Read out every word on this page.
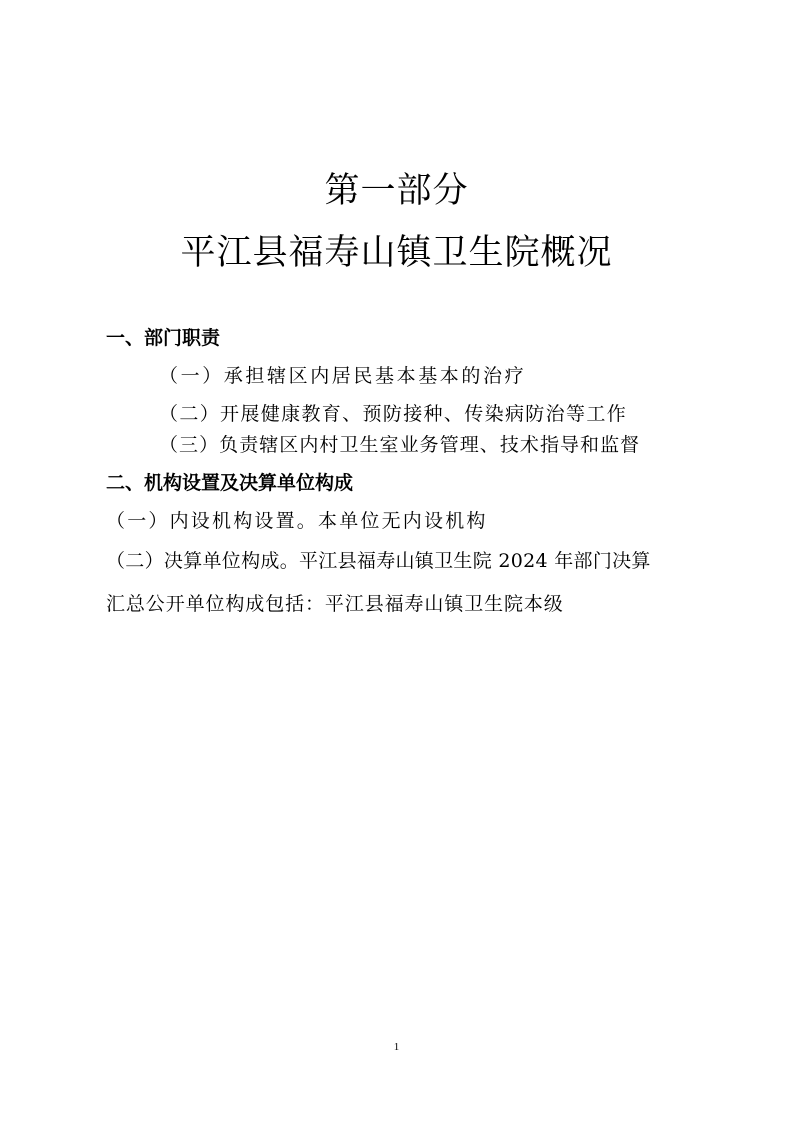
第一部分
平江县福寿山镇卫生院概况
一、部门职责
（一）承担辖区内居民基本基本的治疗
（二）开展健康教育、预防接种、传染病防治等工作
（三）负责辖区内村卫生室业务管理、技术指导和监督
二、机构设置及决算单位构成
（一）内设机构设置。本单位无内设机构
（二）决算单位构成。平江县福寿山镇卫生院 2024 年部门决算
汇总公开单位构成包括：平江县福寿山镇卫生院本级
1
